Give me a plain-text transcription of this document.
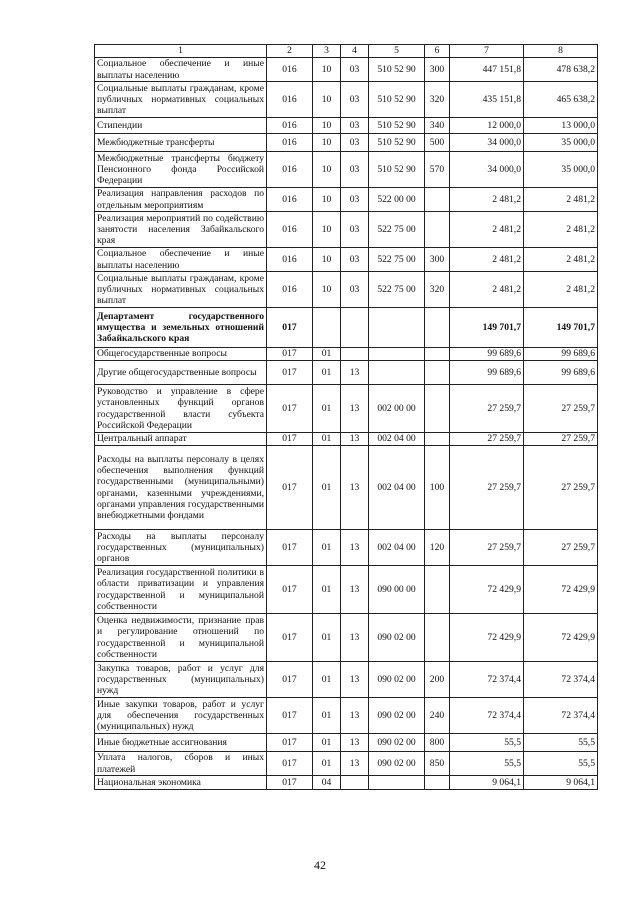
1	2	3	4	5	6	7	8
Социальное обеспечение и иные выплаты населению	016	10	03	510 52 90	300	447 151,8	478 638,2
Социальные выплаты гражданам, кроме публичных нормативных социальных выплат	016	10	03	510 52 90	320	435 151,8	465 638,2
Стипендии	016	10	03	510 52 90	340	12 000,0	13 000,0
Межбюджетные трансферты	016	10	03	510 52 90	500	34 000,0	35 000,0
Межбюджетные трансферты бюджету Пенсионного фонда Российской Федерации	016	10	03	510 52 90	570	34 000,0	35 000,0
Реализация направления расходов по отдельным мероприятиям	016	10	03	522 00 00		2 481,2	2 481,2
Реализация мероприятий по содействию занятости населения Забайкальского края	016	10	03	522 75 00		2 481,2	2 481,2
Социальное обеспечение и иные выплаты населению	016	10	03	522 75 00	300	2 481,2	2 481,2
Социальные выплаты гражданам, кроме публичных нормативных социальных выплат	016	10	03	522 75 00	320	2 481,2	2 481,2
Департамент государственного имущества и земельных отношений Забайкальского края	017					149 701,7	149 701,7
Общегосударственные вопросы	017	01				99 689,6	99 689,6
Другие общегосударственные вопросы	017	01	13			99 689,6	99 689,6
Руководство и управление в сфере установленных функций органов государственной власти субъекта Российской Федерации	017	01	13	002 00 00		27 259,7	27 259,7
Центральный аппарат	017	01	13	002 04 00		27 259,7	27 259,7
Расходы на выплаты персоналу в целях обеспечения выполнения функций государственными (муниципальными) органами, казенными учреждениями, органами управления государственными внебюджетными фондами	017	01	13	002 04 00	100	27 259,7	27 259,7
Расходы на выплаты персоналу государственных (муниципальных) органов	017	01	13	002 04 00	120	27 259,7	27 259,7
Реализация государственной политики в области приватизации и управления государственной и муниципальной собственности	017	01	13	090 00 00		72 429,9	72 429,9
Оценка недвижимости, признание прав и регулирование отношений по государственной и муниципальной собственности	017	01	13	090 02 00		72 429,9	72 429,9
Закупка товаров, работ и услуг для государственных (муниципальных) нужд	017	01	13	090 02 00	200	72 374,4	72 374,4
Иные закупки товаров, работ и услуг для обеспечения государственных (муниципальных) нужд	017	01	13	090 02 00	240	72 374,4	72 374,4
Иные бюджетные ассигнования	017	01	13	090 02 00	800	55,5	55,5
Уплата налогов, сборов и иных платежей	017	01	13	090 02 00	850	55,5	55,5
Национальная экономика	017	04				9 064,1	9 064,1
42
